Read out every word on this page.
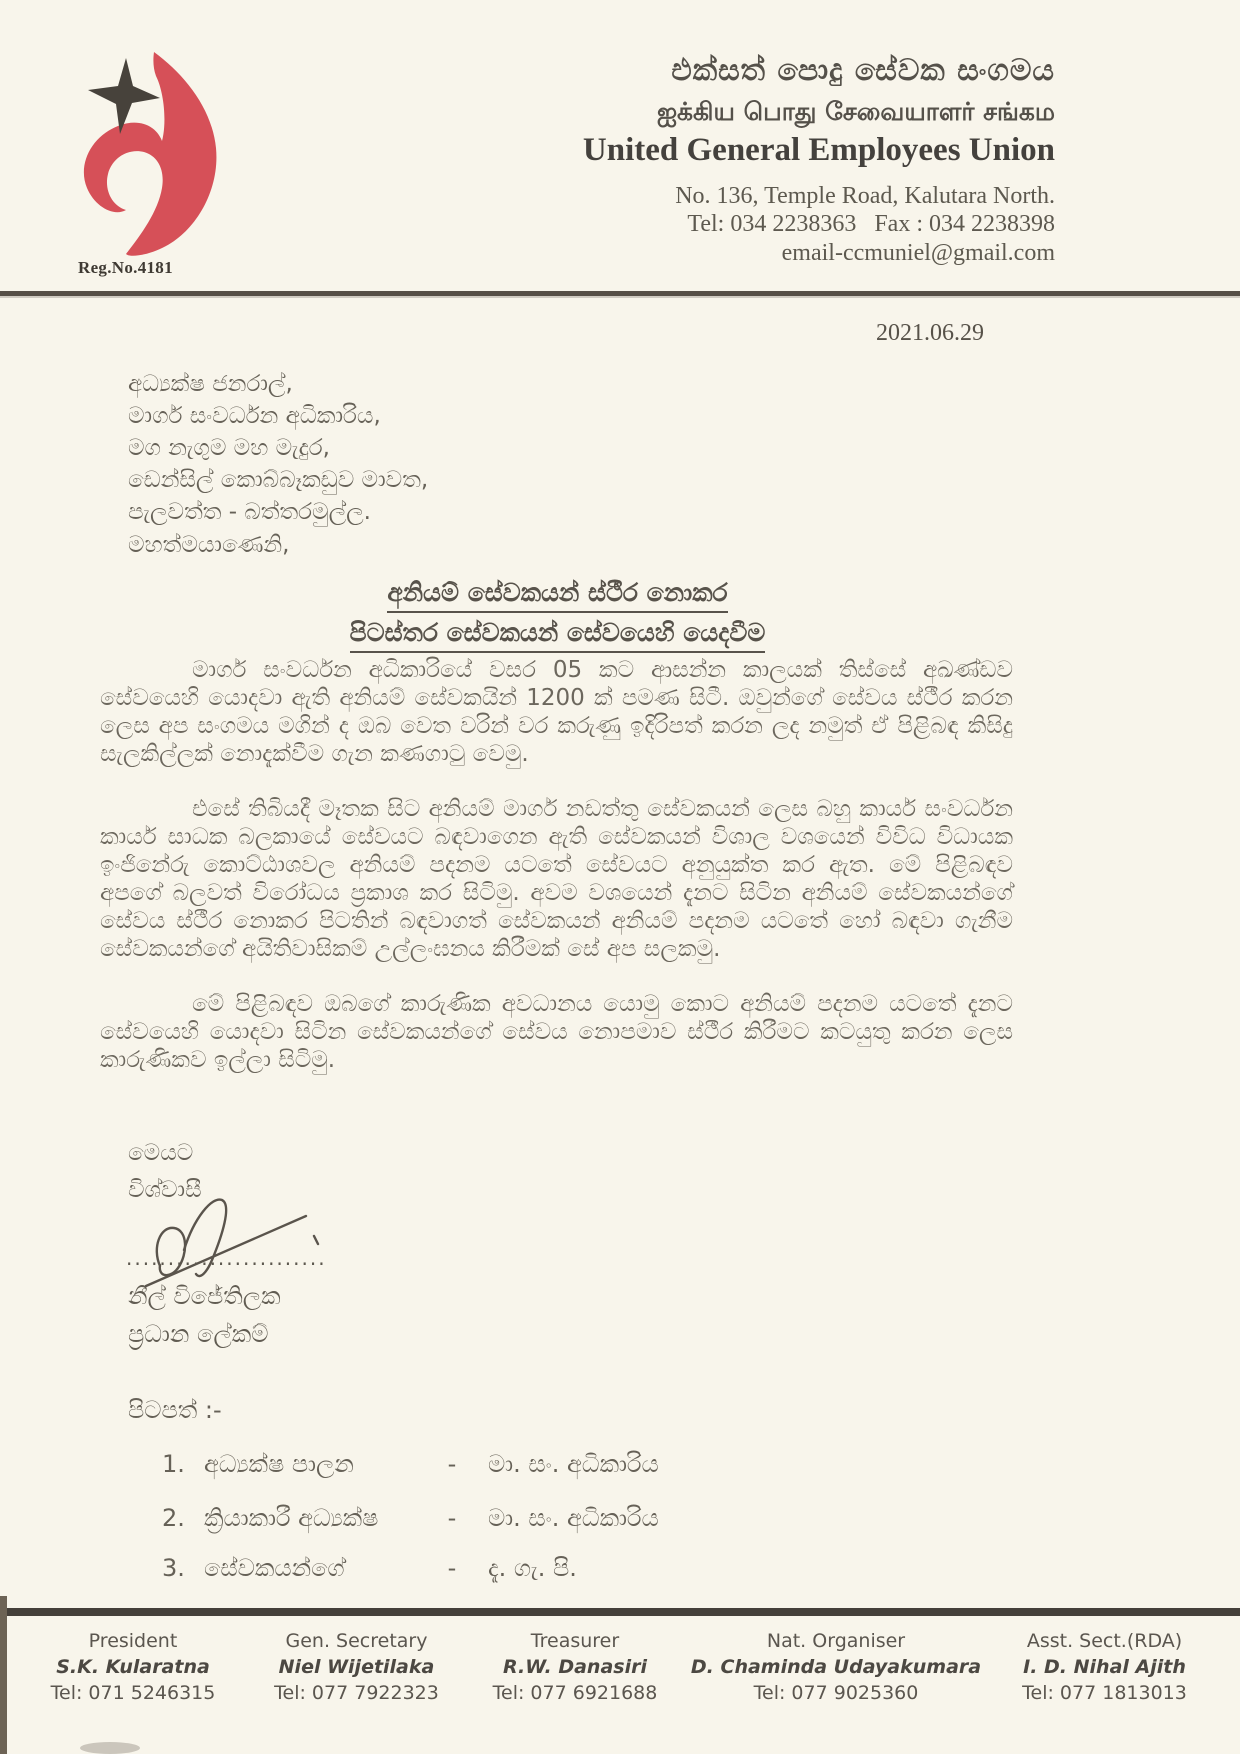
Reg.No.4181
එක්සත් පොදු සේවක සංගමය
ஐக்கிய பொது சேவையாளர் சங்கம
United General Employees Union
No. 136, Temple Road, Kalutara North.
Tel: 034 2238363   Fax : 034 2238398
email-ccmuniel@gmail.com
2021.06.29
අධ්‍යක්ෂ ජනරාල්,
මාර්ග සංවර්ධන අධිකාරිය,
මග නැගුම මහ මැදුර,
ඩෙන්සිල් කොබ්බෑකඩුව මාවත,
පැලවත්ත - බත්තරමුල්ල.
මහත්මයාණෙනි,
අනියම් සේවකයන් ස්ථීර නොකර
පිටස්තර සේවකයන් සේවයෙහි යෙදවීම

මාර්ග සංවර්ධන අධිකාරියේ වසර 05 කට ආසන්න කාලයක් තිස්සේ අඛණ්ඩව සේවයෙහි යොදවා ඇති අනියම් සේවකයින් 1200 ක් පමණ සිටී. ඔවුන්ගේ සේවය ස්ථීර කරන ලෙස අප සංගමය මගින් ද ඔබ වෙත වරින් වර කරුණු ඉදිරිපත් කරන ලද නමුත් ඒ පිළිබඳ කිසිදු සැලකිල්ලක් නොදැක්වීම ගැන කණගාටු වෙමු.

එසේ තිබියදී මෑතක සිට අනියම් මාර්ග නඩත්තු සේවකයන් ලෙස බහු කාර්ය සංවර්ධන කාර්ය සාධක බලකායේ සේවයට බඳවාගෙන ඇති සේවකයන් විශාල වශයෙන් විවිධ විධායක ඉංජිනේරු කොට්ඨාශවල අනියම් පදනම යටතේ සේවයට අනුයුක්ත කර ඇත. මේ පිළිබඳව අපගේ බලවත් විරෝධය ප්‍රකාශ කර සිටිමු. අවම වශයෙන් දැනට සිටින අනියම් සේවකයන්ගේ සේවය ස්ථීර නොකර පිටතින් බඳවාගත් සේවකයන් අනියම් පදනම යටතේ හෝ බඳවා ගැනීම සේවකයන්ගේ අයිතිවාසිකම් උල්ලංඝනය කිරීමක් සේ අප සලකමු.

මේ පිළිබඳව ඔබගේ කාරුණික අවධානය යොමු කොට අනියම් පදනම යටතේ දැනට සේවයෙහි යොදවා සිටින සේවකයන්ගේ සේවය නොපමාව ස්ථීර කිරීමට කටයුතු කරන ලෙස කාරුණිකව ඉල්ලා සිටිමු.

මෙයට
විශ්වාසී
........................
නීල් විජේතිලක
ප්‍රධාන ලේකම්
පිටපත් :-
1. අධ්‍යක්ෂ පාලන	-	මා. සං. අධිකාරිය
2. ක්‍රියාකාරී අධ්‍යක්ෂ	-	මා. සං. අධිකාරිය
3. සේවකයන්ගේ	-	දැ. ගැ. පි.
President
S.K. Kularatna
Tel: 071 5246315
Gen. Secretary
Niel Wijetilaka
Tel: 077 7922323
Treasurer
R.W. Danasiri
Tel: 077 6921688
Nat. Organiser
D. Chaminda Udayakumara
Tel: 077 9025360
Asst. Sect.(RDA)
I. D. Nihal Ajith
Tel: 077 1813013
